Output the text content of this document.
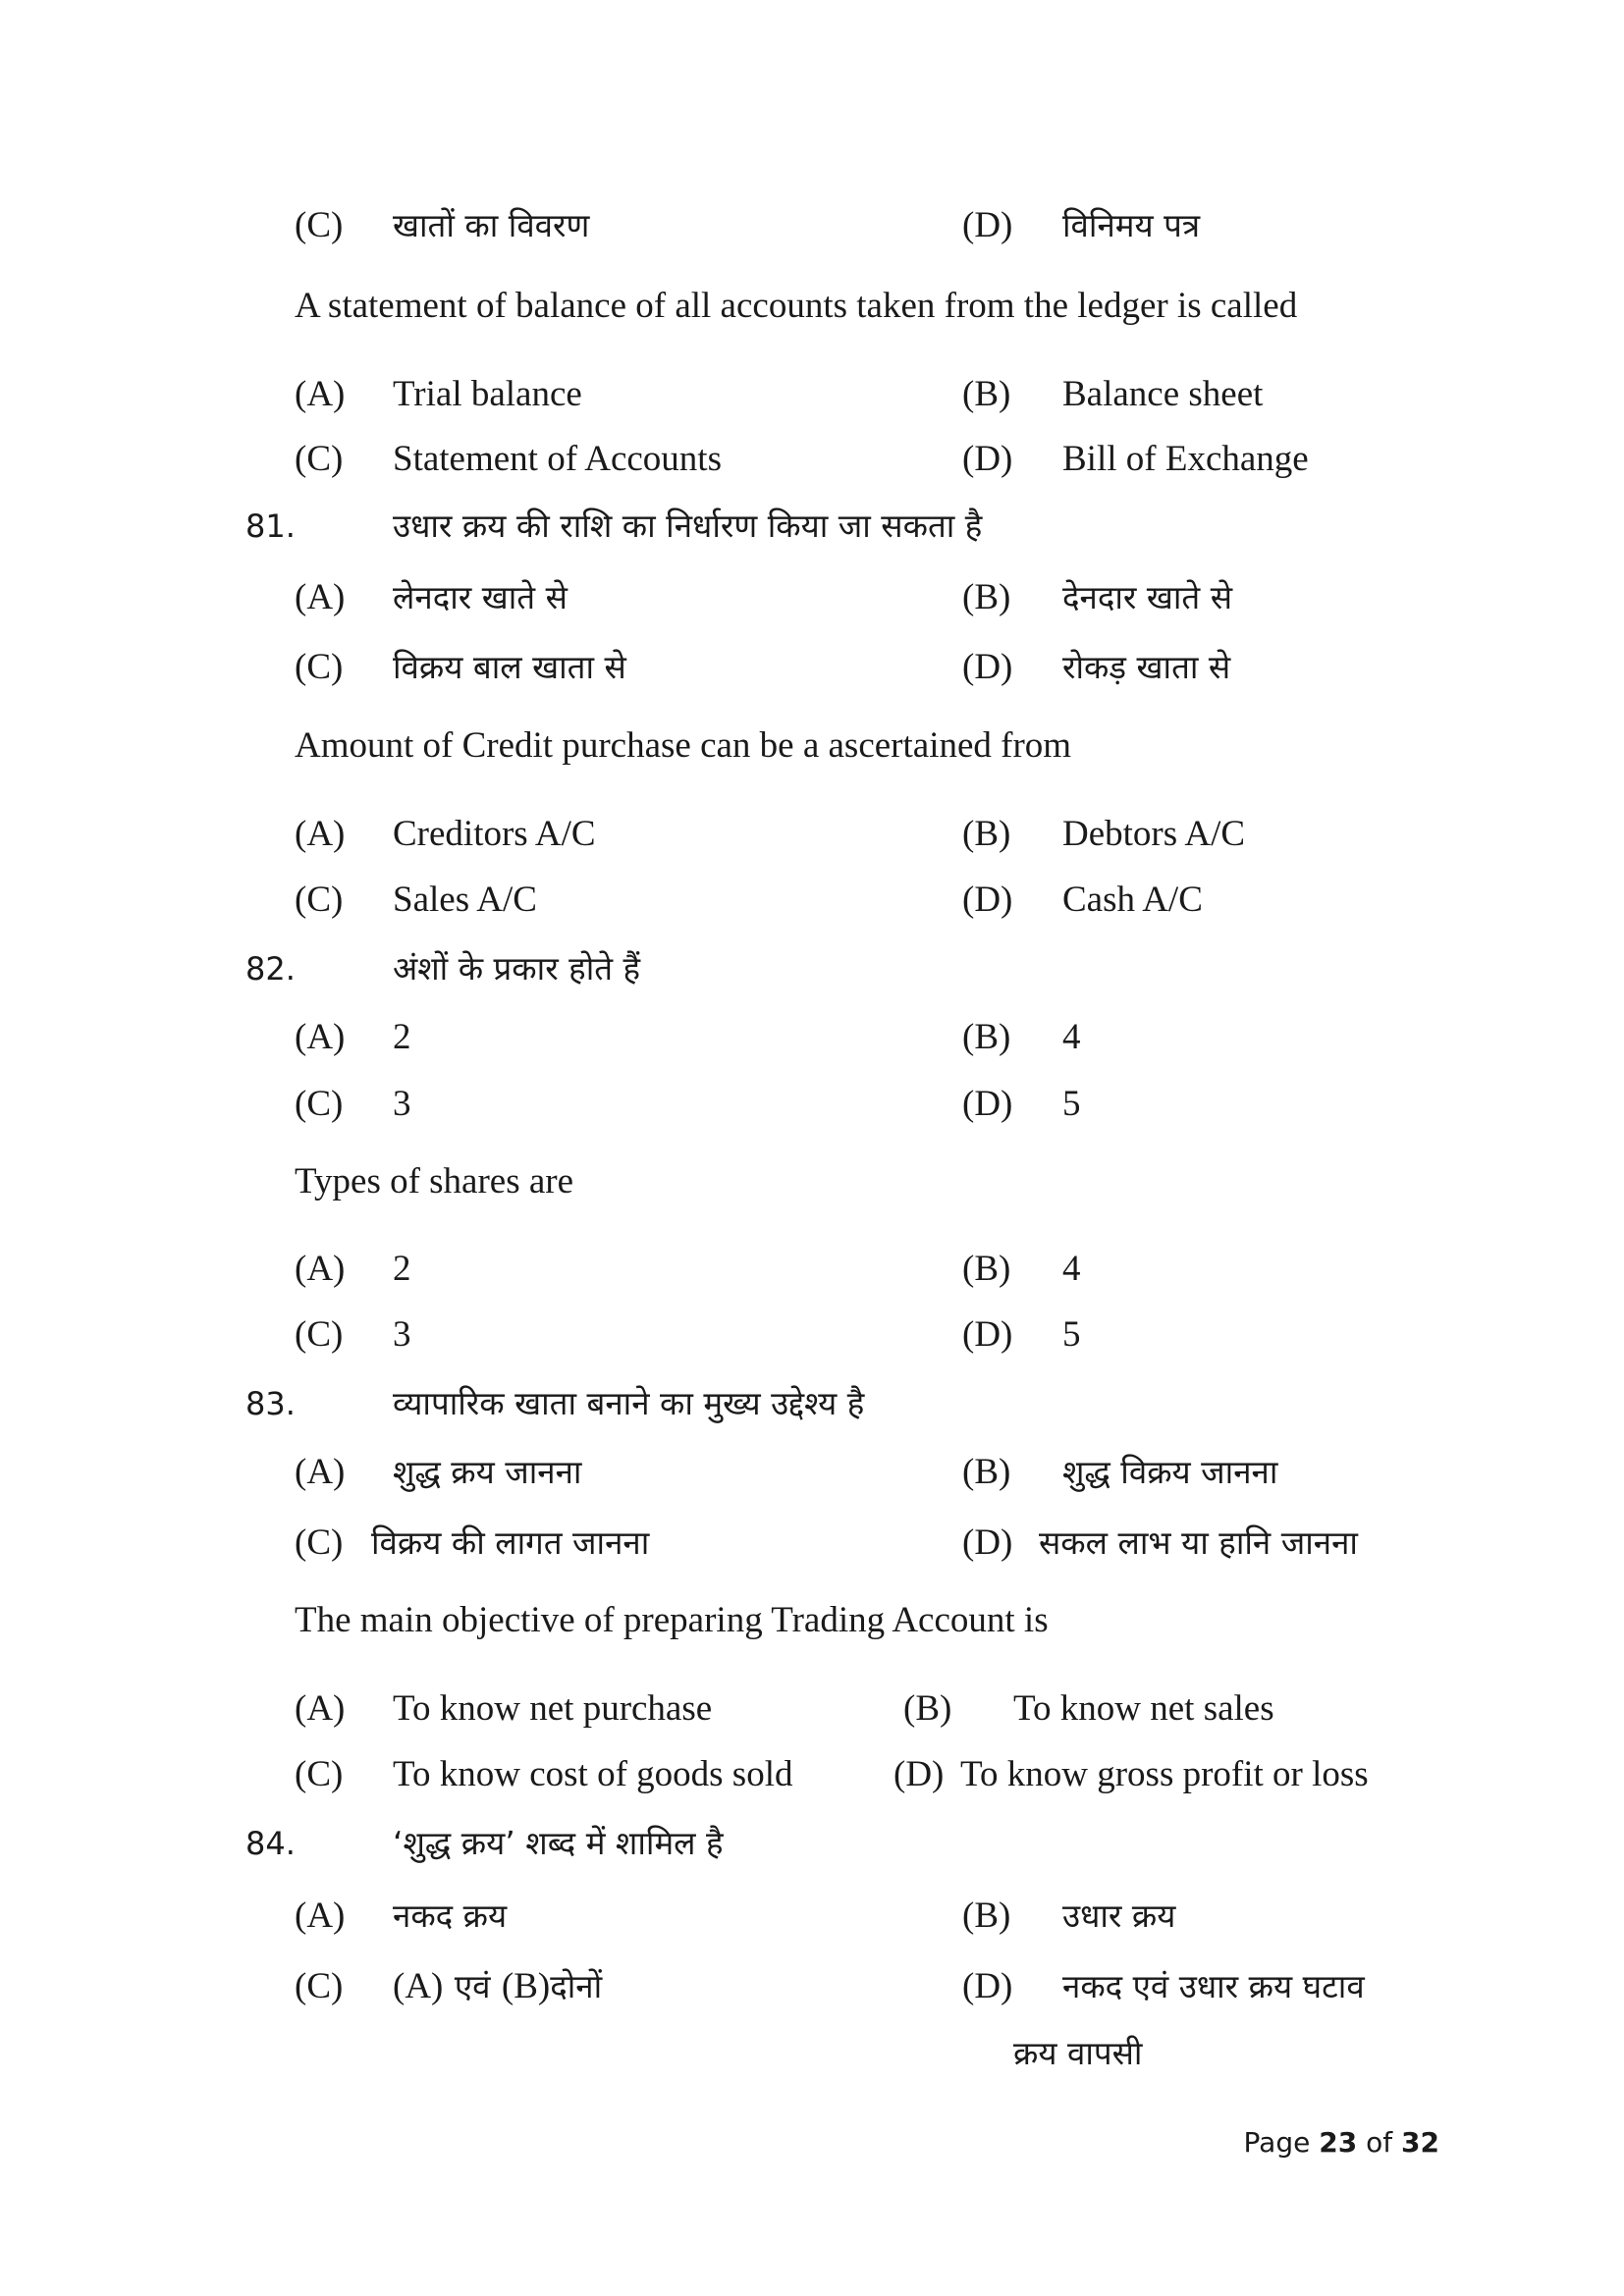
(C) खातों का विवरण	(D) विनिमय पत्र
A statement of balance of all accounts taken from the ledger is called
(A) Trial balance	(B) Balance sheet
(C) Statement of Accounts	(D) Bill of Exchange
81.	उधार क्रय की राशि का निर्धारण किया जा सकता है
(A) लेनदार खाते से	(B) देनदार खाते से
(C) विक्रय बाल खाता से	(D) रोकड़ खाता से
Amount of Credit purchase can be a ascertained from
(A) Creditors A/C	(B) Debtors A/C
(C) Sales A/C	(D) Cash A/C
82.	अंशों के प्रकार होते हैं
(A) 2	(B) 4
(C) 3	(D) 5
Types of shares are
(A) 2	(B) 4
(C) 3	(D) 5
83.	व्यापारिक खाता बनाने का मुख्य उद्देश्य है
(A) शुद्ध क्रय जानना	(B) शुद्ध विक्रय जानना
(C) विक्रय की लागत जानना	(D) सकल लाभ या हानि जानना
The main objective of preparing Trading Account is
(A) To know net purchase	(B) To know net sales
(C) To know cost of goods sold	(D) To know gross profit or loss
84.	‘शुद्ध क्रय’ शब्द में शामिल है
(A) नकद क्रय	(B) उधार क्रय
(C) (A) एवं (B)दोनों	(D) नकद एवं उधार क्रय घटाव
क्रय वापसी
Page 23 of 32
